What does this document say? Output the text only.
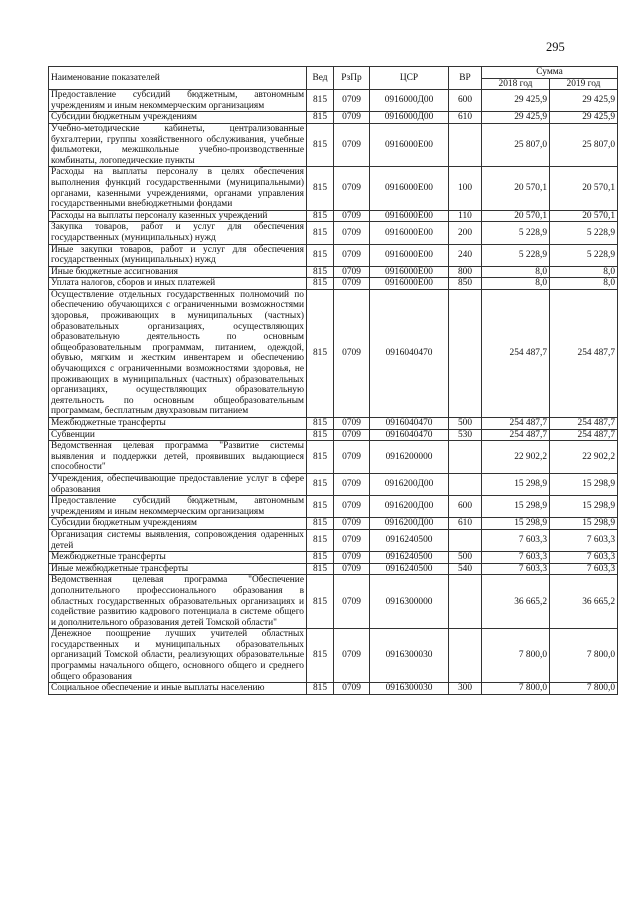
295
Наименование показателей	Вед	РзПр	ЦСР	ВР	Сумма	
					2018 год	2019 год
Предоставление субсидий бюджетным, автономным учреждениям и иным некоммерческим организациям	815	0709	0916000Д00	600	29 425,9	29 425,9
Субсидии бюджетным учреждениям	815	0709	0916000Д00	610	29 425,9	29 425,9
Учебно-методические кабинеты, централизованные бухгалтерии, группы хозяйственного обслуживания, учебные фильмотеки, межшкольные учебно-производственные комбинаты, логопедические пункты	815	0709	0916000Е00		25 807,0	25 807,0
Расходы на выплаты персоналу в целях обеспечения выполнения функций государственными (муниципальными) органами, казенными учреждениями, органами управления государственными внебюджетными фондами	815	0709	0916000Е00	100	20 570,1	20 570,1
Расходы на выплаты персоналу казенных учреждений	815	0709	0916000Е00	110	20 570,1	20 570,1
Закупка товаров, работ и услуг для обеспечения государственных (муниципальных) нужд	815	0709	0916000Е00	200	5 228,9	5 228,9
Иные закупки товаров, работ и услуг для обеспечения государственных (муниципальных) нужд	815	0709	0916000Е00	240	5 228,9	5 228,9
Иные бюджетные ассигнования	815	0709	0916000Е00	800	8,0	8,0
Уплата налогов, сборов и иных платежей	815	0709	0916000Е00	850	8,0	8,0
Осуществление отдельных государственных полномочий по обеспечению обучающихся с ограниченными возможностями здоровья, проживающих в муниципальных (частных) образовательных организациях, осуществляющих образовательную деятельность по основным общеобразовательным программам, питанием, одеждой, обувью, мягким и жестким инвентарем и обеспечению обучающихся с ограниченными возможностями здоровья, не проживающих в муниципальных (частных) образовательных организациях, осуществляющих образовательную деятельность по основным общеобразовательным программам, бесплатным двухразовым питанием	815	0709	0916040470		254 487,7	254 487,7
Межбюджетные трансферты	815	0709	0916040470	500	254 487,7	254 487,7
Субвенции	815	0709	0916040470	530	254 487,7	254 487,7
Ведомственная целевая программа "Развитие системы выявления и поддержки детей, проявивших выдающиеся способности"	815	0709	0916200000		22 902,2	22 902,2
Учреждения, обеспечивающие предоставление услуг в сфере образования	815	0709	0916200Д00		15 298,9	15 298,9
Предоставление субсидий бюджетным, автономным учреждениям и иным некоммерческим организациям	815	0709	0916200Д00	600	15 298,9	15 298,9
Субсидии бюджетным учреждениям	815	0709	0916200Д00	610	15 298,9	15 298,9
Организация системы выявления, сопровождения одаренных детей	815	0709	0916240500		7 603,3	7 603,3
Межбюджетные трансферты	815	0709	0916240500	500	7 603,3	7 603,3
Иные межбюджетные трансферты	815	0709	0916240500	540	7 603,3	7 603,3
Ведомственная целевая программа "Обеспечение дополнительного профессионального образования в областных государственных образовательных организациях и содействие развитию кадрового потенциала в системе общего и дополнительного образования детей Томской области"	815	0709	0916300000		36 665,2	36 665,2
Денежное поощрение лучших учителей областных государственных и муниципальных образовательных организаций Томской области, реализующих образовательные программы начального общего, основного общего и среднего общего образования	815	0709	0916300030		7 800,0	7 800,0
Социальное обеспечение и иные выплаты населению	815	0709	0916300030	300	7 800,0	7 800,0
